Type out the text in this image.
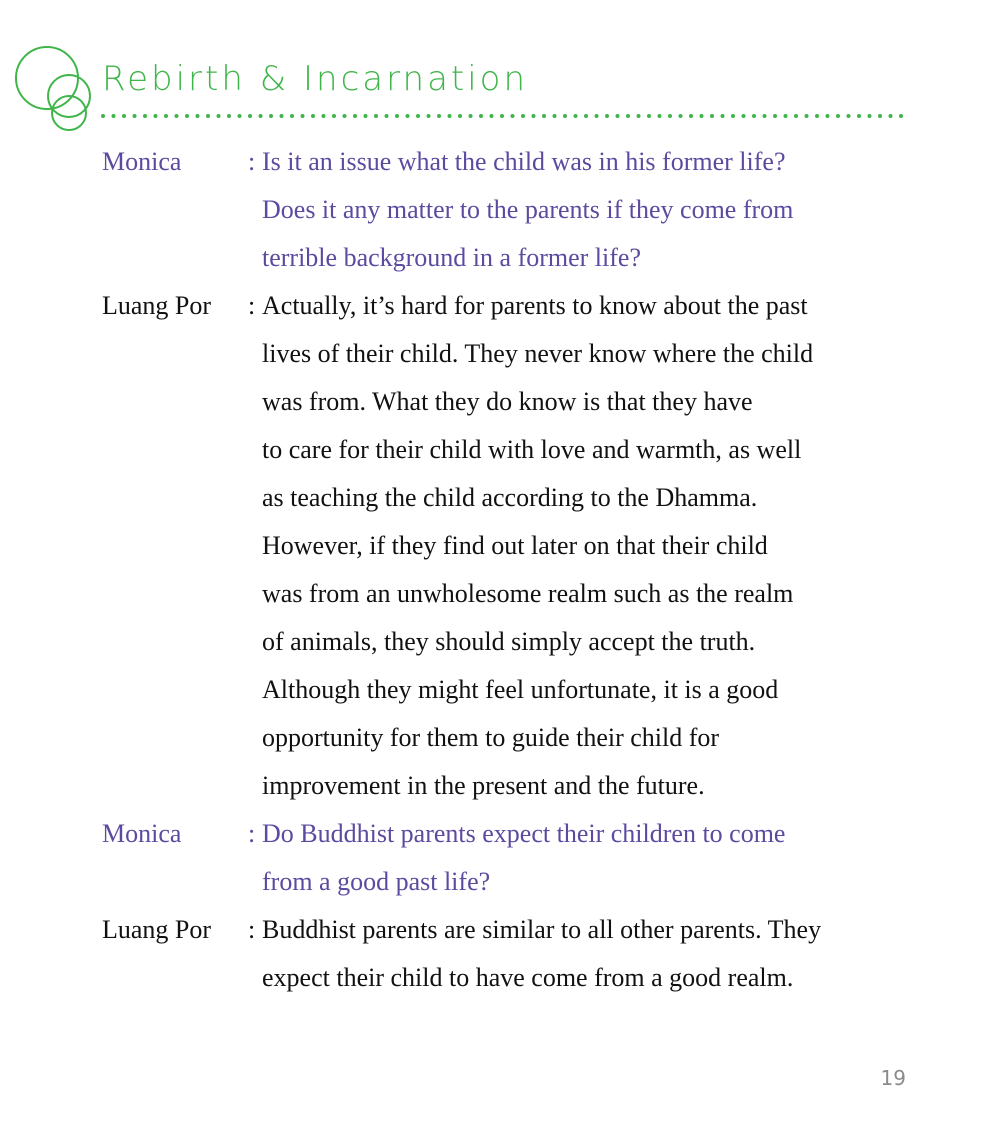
Rebirth & Incarnation
Monica	: Is it an issue what the child was in his former life?
Does it any matter to the parents if they come from
terrible background in a former life?
Luang Por	: Actually, it’s hard for parents to know about the past
lives of their child. They never know where the child
was from. What they do know is that they have
to care for their child with love and warmth, as well
as teaching the child according to the Dhamma.
However, if they find out later on that their child
was from an unwholesome realm such as the realm
of animals, they should simply accept the truth.
Although they might feel unfortunate, it is a good
opportunity for them to guide their child for
improvement in the present and the future.
Monica	: Do Buddhist parents expect their children to come
from a good past life?
Luang Por	: Buddhist parents are similar to all other parents. They
expect their child to have come from a good realm.
19
